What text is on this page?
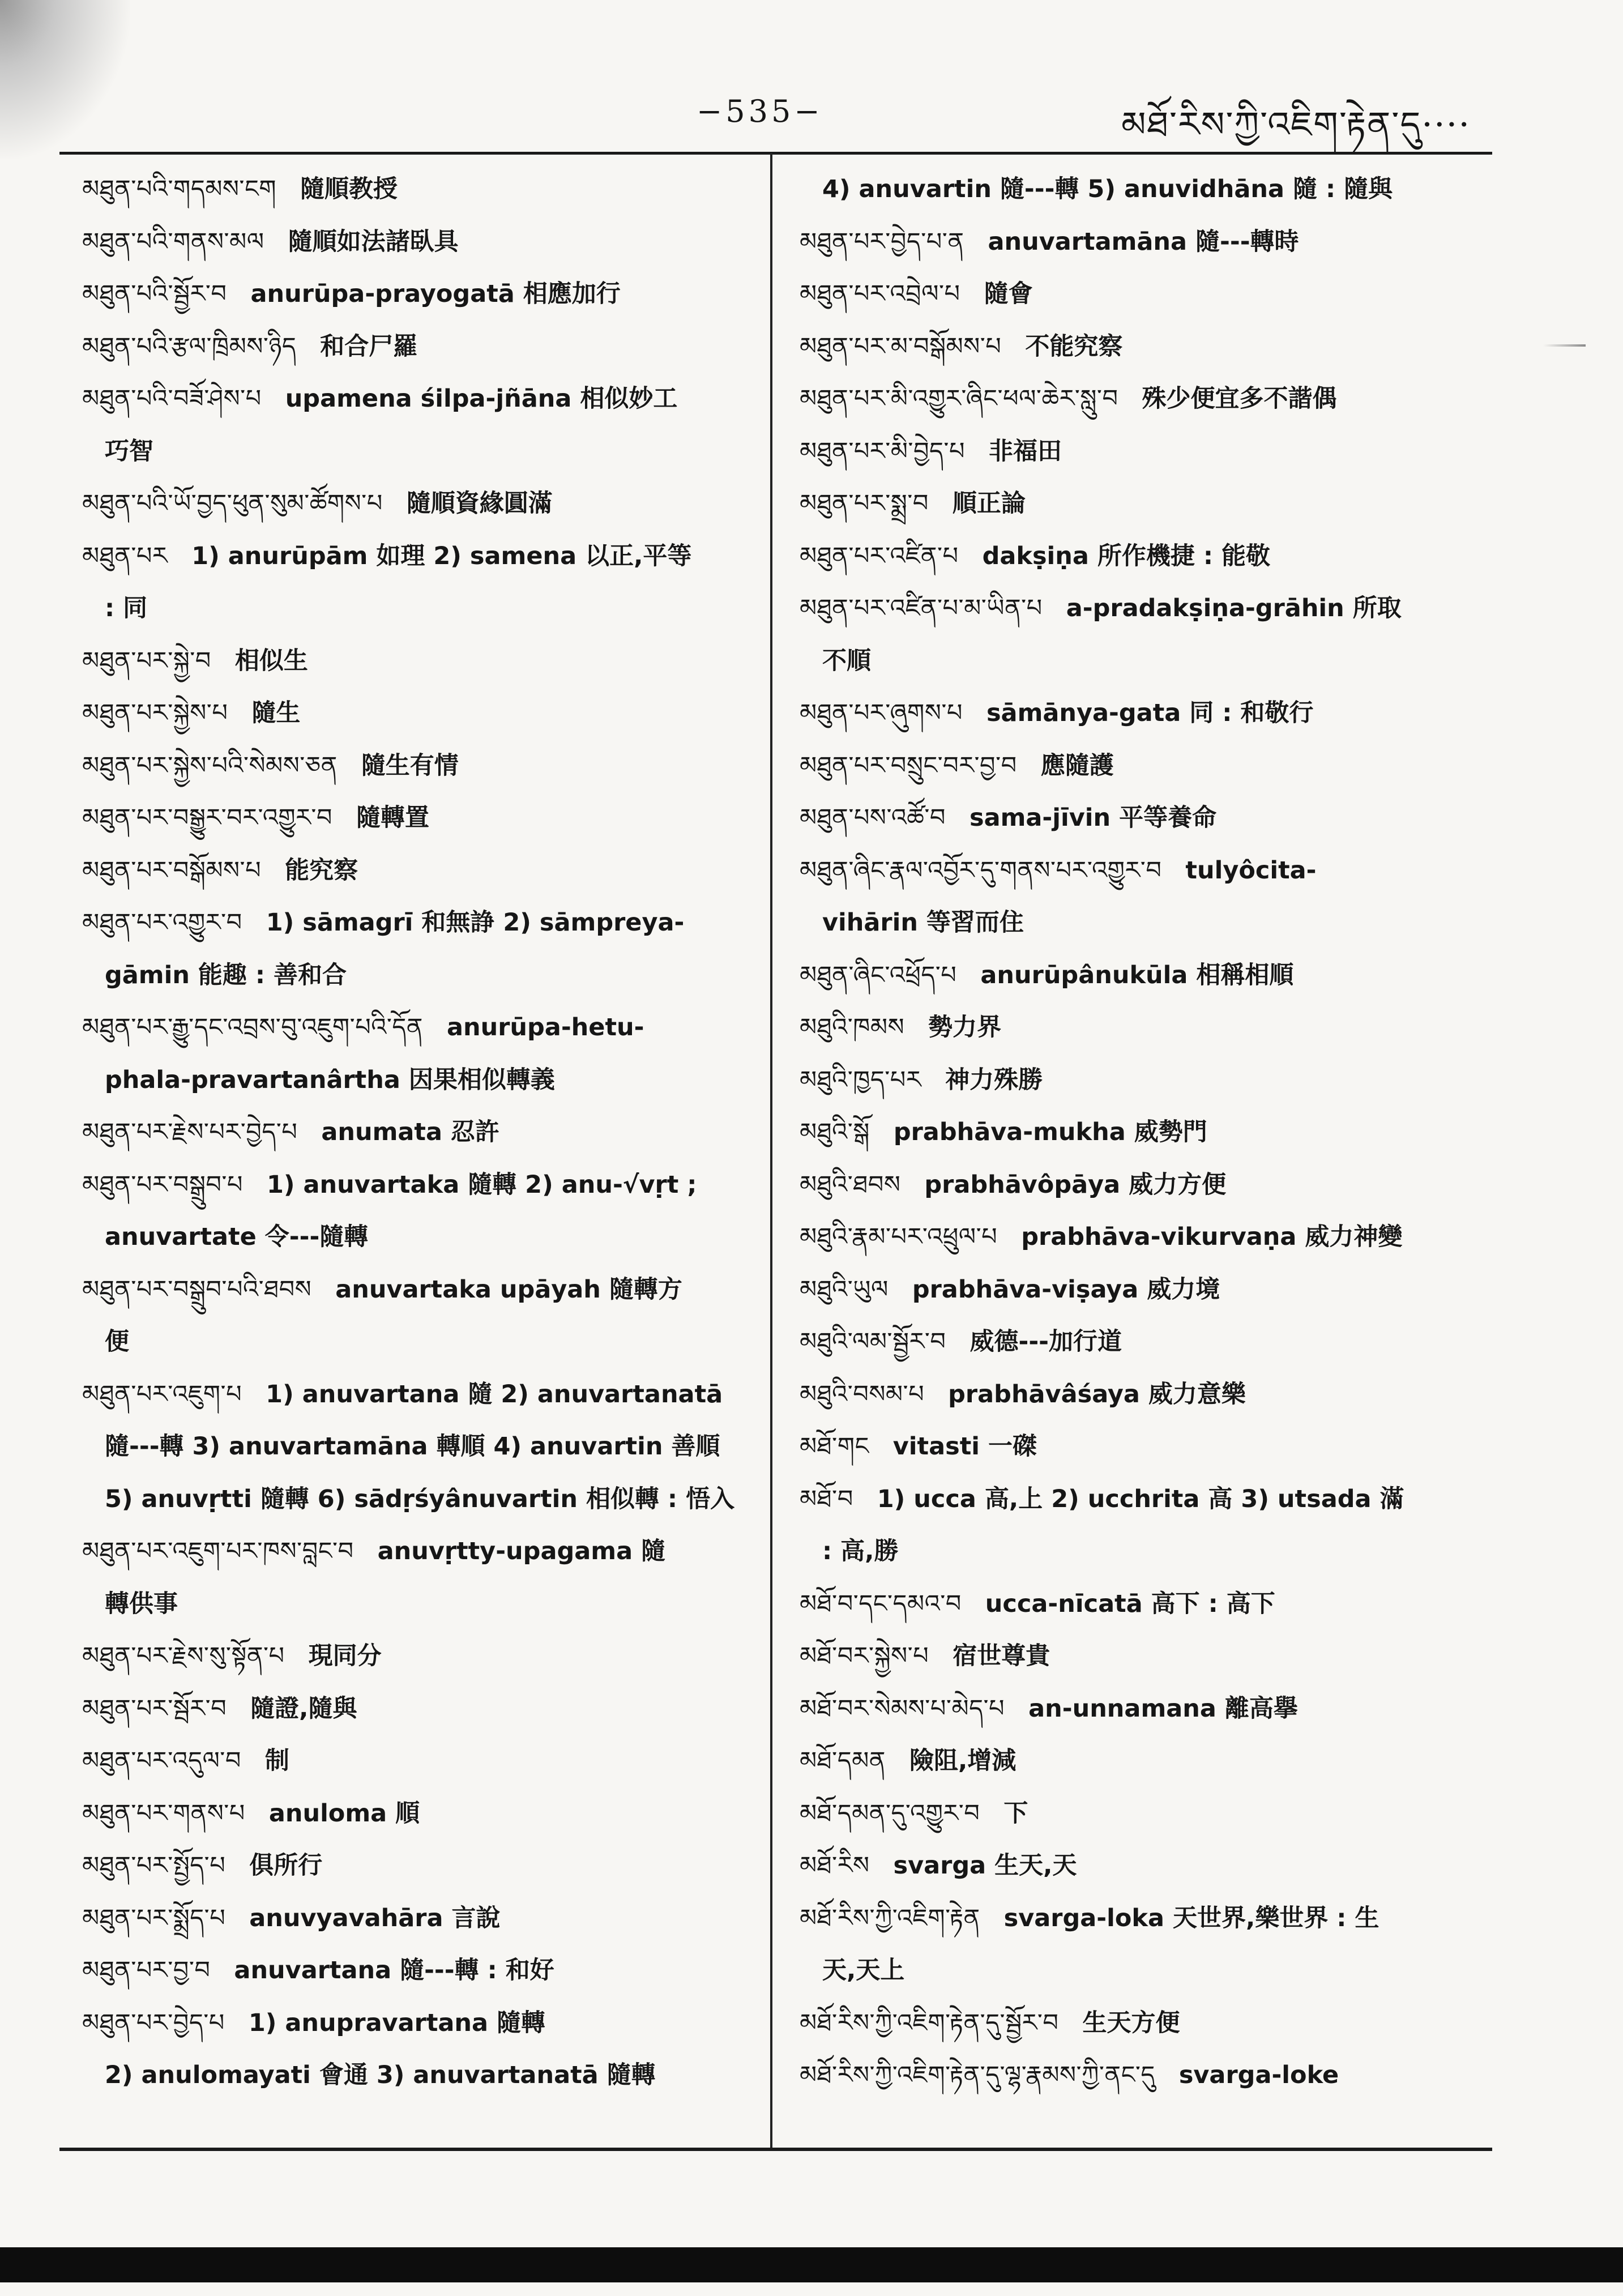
−535−	མཐོ་རིས་ཀྱི་འཇིག་རྟེན་དུ····
མཐུན་པའི་གདམས་ངག 隨順教授
མཐུན་པའི་གནས་མལ 隨順如法諸臥具
མཐུན་པའི་སྦྱོར་བ anurūpa-prayogatā 相應加行
མཐུན་པའི་རྩལ་ཁྲིམས་ཉིད 和合尸羅
མཐུན་པའི་བཟོ་ཤེས་པ upamena śilpa-jñāna 相似妙工
巧智
མཐུན་པའི་ཡོ་བྱད་ཕུན་སུམ་ཚོགས་པ 隨順資緣圓滿
མཐུན་པར 1) anurūpām 如理 2) samena 以正,平等
: 同
མཐུན་པར་སྐྱེ་བ 相似生
མཐུན་པར་སྐྱེས་པ 隨生
མཐུན་པར་སྐྱེས་པའི་སེམས་ཅན 隨生有情
མཐུན་པར་བསྒྱུར་བར་འགྱུར་བ 隨轉置
མཐུན་པར་བསྒོམས་པ 能究察
མཐུན་པར་འགྱུར་བ 1) sāmagrī 和無諍 2) sāmpreya-
gāmin 能趣 : 善和合
མཐུན་པར་རྒྱུ་དང་འབྲས་བུ་འཇུག་པའི་དོན anurūpa-hetu-
phala-pravartanârtha 因果相似轉義
མཐུན་པར་རྗེས་པར་བྱེད་པ anumata 忍許
མཐུན་པར་བསྒྲུབ་པ 1) anuvartaka 隨轉 2) anu-√vṛt ;
anuvartate 令---隨轉
མཐུན་པར་བསྒྲུབ་པའི་ཐབས anuvartaka upāyah 隨轉方
便
མཐུན་པར་འཇུག་པ 1) anuvartana 隨 2) anuvartanatā
隨---轉 3) anuvartamāna 轉順 4) anuvartin 善順
5) anuvṛtti 隨轉 6) sādṛśyânuvartin 相似轉 : 悟入
མཐུན་པར་འཇུག་པར་ཁས་བླང་བ anuvṛtty-upagama 隨
轉供事
མཐུན་པར་རྗེས་སུ་སྟོན་པ 現同分
མཐུན་པར་སྦོར་བ 隨證,隨與
མཐུན་པར་འདུལ་བ 制
མཐུན་པར་གནས་པ anuloma 順
མཐུན་པར་སྤྱོད་པ 俱所行
མཐུན་པར་སྨྲོད་པ anuvyavahāra 言說
མཐུན་པར་བྱ་བ anuvartana 隨---轉 : 和好
མཐུན་པར་བྱེད་པ 1) anupravartana 隨轉
2) anulomayati 會通 3) anuvartanatā 隨轉
4) anuvartin 隨---轉 5) anuvidhāna 隨 : 隨與
མཐུན་པར་བྱེད་པ་ན anuvartamāna 隨---轉時
མཐུན་པར་འབྲེལ་པ 隨會
མཐུན་པར་མ་བསྒོམས་པ 不能究察
མཐུན་པར་མི་འགྱུར་ཞིང་ཕལ་ཆེར་སླུ་བ 殊少便宜多不諧偶
མཐུན་པར་མི་བྱེད་པ 非福田
མཐུན་པར་སྨྲ་བ 順正論
མཐུན་པར་འཛིན་པ dakṣiṇa 所作機捷 : 能敬
མཐུན་པར་འཛིན་པ་མ་ཡིན་པ a-pradakṣiṇa-grāhin 所取
不順
མཐུན་པར་ཞུགས་པ sāmānya-gata 同 : 和敬行
མཐུན་པར་བསྲུང་བར་བྱ་བ 應隨護
མཐུན་པས་འཚོ་བ sama-jīvin 平等養命
མཐུན་ཞིང་རྣལ་འབྱོར་དུ་གནས་པར་འགྱུར་བ tulyôcita-
vihārin 等習而住
མཐུན་ཞིང་འཕྲོད་པ anurūpânukūla 相稱相順
མཐུའི་ཁམས 勢力界
མཐུའི་ཁྱད་པར 神力殊勝
མཐུའི་སྒོ prabhāva-mukha 威勢門
མཐུའི་ཐབས prabhāvôpāya 威力方便
མཐུའི་རྣམ་པར་འཕྲུལ་པ prabhāva-vikurvaṇa 威力神變
མཐུའི་ཡུལ prabhāva-viṣaya 威力境
མཐུའི་ལམ་སྦྱོར་བ 威德---加行道
མཐུའི་བསམ་པ prabhāvâśaya 威力意樂
མཐོ་གང vitasti 一磔
མཐོ་བ 1) ucca 高,上 2) ucchrita 高 3) utsada 滿
: 高,勝
མཐོ་བ་དང་དམའ་བ ucca-nīcatā 高下 : 高下
མཐོ་བར་སྐྱེས་པ 宿世尊貴
མཐོ་བར་སེམས་པ་མེད་པ an-unnamana 離高擧
མཐོ་དམན 險阻,增減
མཐོ་དམན་དུ་འགྱུར་བ 下
མཐོ་རིས svarga 生天,天
མཐོ་རིས་ཀྱི་འཇིག་རྟེན svarga-loka 天世界,樂世界 : 生
天,天上
མཐོ་རིས་ཀྱི་འཇིག་རྟེན་དུ་སྦྱོར་བ 生天方便
མཐོ་རིས་ཀྱི་འཇིག་རྟེན་དུ་ལྷ་རྣམས་ཀྱི་ནང་དུ svarga-loke
